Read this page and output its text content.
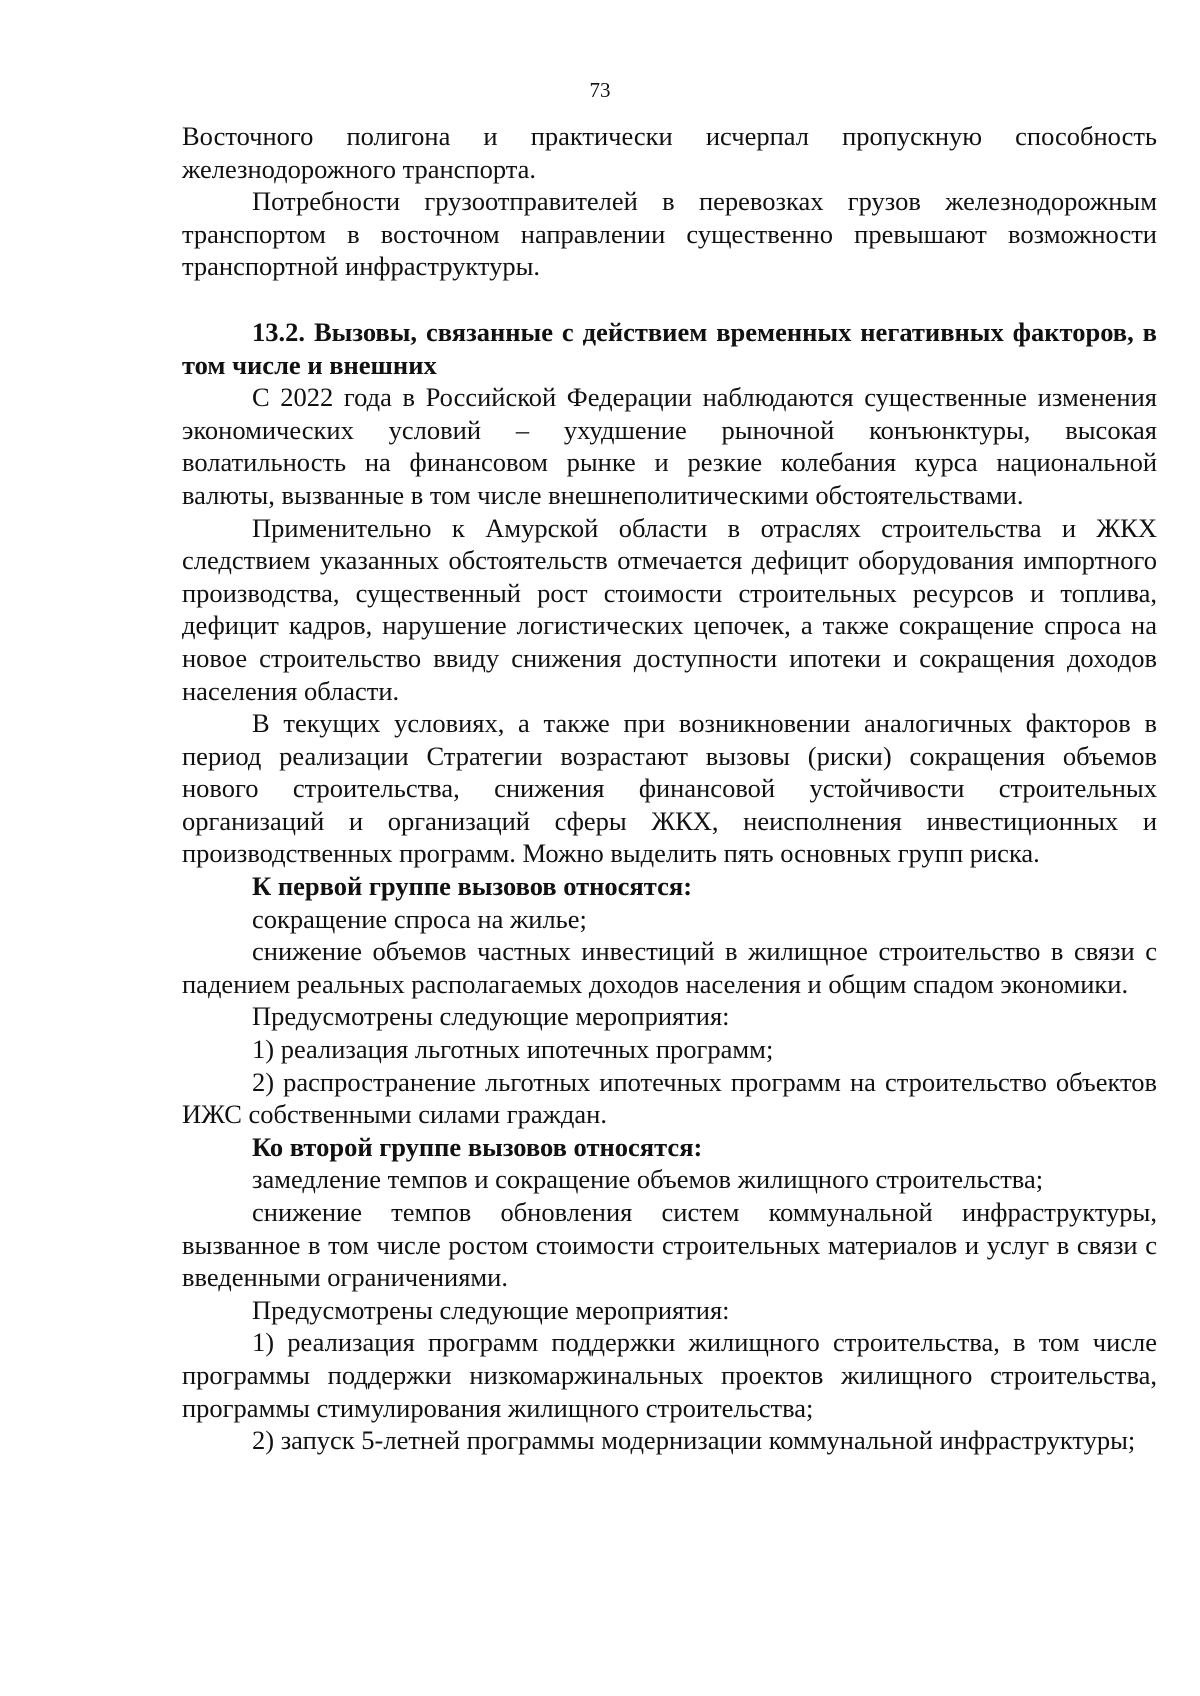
73

Восточного полигона и практически исчерпал пропускную способность железнодорожного транспорта.

Потребности грузоотправителей в перевозках грузов железнодорожным транспортом в восточном направлении существенно превышают возможности транспортной инфраструктуры.

13.2. Вызовы, связанные с действием временных негативных факторов, в том числе и внешних

С 2022 года в Российской Федерации наблюдаются существенные изменения экономических условий – ухудшение рыночной конъюнктуры, высокая волатильность на финансовом рынке и резкие колебания курса национальной валюты, вызванные в том числе внешнеполитическими обстоятельствами.

Применительно к Амурской области в отраслях строительства и ЖКХ следствием указанных обстоятельств отмечается дефицит оборудования импортного производства, существенный рост стоимости строительных ресурсов и топлива, дефицит кадров, нарушение логистических цепочек, а также сокращение спроса на новое строительство ввиду снижения доступности ипотеки и сокращения доходов населения области.

В текущих условиях, а также при возникновении аналогичных факторов в период реализации Стратегии возрастают вызовы (риски) сокращения объемов нового строительства, снижения финансовой устойчивости строительных организаций и организаций сферы ЖКХ, неисполнения инвестиционных и производственных программ. Можно выделить пять основных групп риска.

К первой группе вызовов относятся:

сокращение спроса на жилье;

снижение объемов частных инвестиций в жилищное строительство в связи с падением реальных располагаемых доходов населения и общим спадом экономики.

Предусмотрены следующие мероприятия:

1) реализация льготных ипотечных программ;

2) распространение льготных ипотечных программ на строительство объектов ИЖС собственными силами граждан.

Ко второй группе вызовов относятся:

замедление темпов и сокращение объемов жилищного строительства;

снижение темпов обновления систем коммунальной инфраструктуры, вызванное в том числе ростом стоимости строительных материалов и услуг в связи с введенными ограничениями.

Предусмотрены следующие мероприятия:

1) реализация программ поддержки жилищного строительства, в том числе программы поддержки низкомаржинальных проектов жилищного строительства, программы стимулирования жилищного строительства;

2) запуск 5-летней программы модернизации коммунальной инфраструктуры;
